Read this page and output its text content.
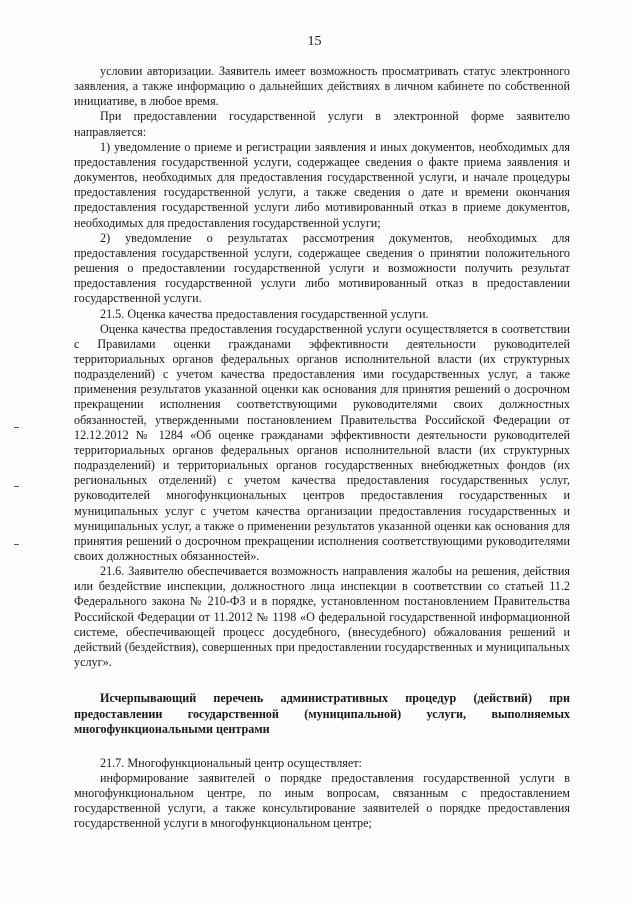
15

условии авторизации. Заявитель имеет возможность просматривать статус электронного заявления, а также информацию о дальнейших действиях в личном кабинете по собственной инициативе, в любое время.

При предоставлении государственной услуги в электронной форме заявителю направляется:

1) уведомление о приеме и регистрации заявления и иных документов, необходимых для предоставления государственной услуги, содержащее сведения о факте приема заявления и документов, необходимых для предоставления государственной услуги, и начале процедуры предоставления государственной услуги, а также сведения о дате и времени окончания предоставления государственной услуги либо мотивированный отказ в приеме документов, необходимых для предоставления государственной услуги;

2) уведомление о результатах рассмотрения документов, необходимых для предоставления государственной услуги, содержащее сведения о принятии положительного решения о предоставлении государственной услуги и возможности получить результат предоставления государственной услуги либо мотивированный отказ в предоставлении государственной услуги.

21.5. Оценка качества предоставления государственной услуги.

Оценка качества предоставления государственной услуги осуществляется в соответствии с Правилами оценки гражданами эффективности деятельности руководителей территориальных органов федеральных органов исполнительной власти (их структурных подразделений) с учетом качества предоставления ими государственных услуг, а также применения результатов указанной оценки как основания для принятия решений о досрочном прекращении исполнения соответствующими руководителями своих должностных обязанностей, утвержденными постановлением Правительства Российской Федерации от 12.12.2012 № 1284 «Об оценке гражданами эффективности деятельности руководителей территориальных органов федеральных органов исполнительной власти (их структурных подразделений) и территориальных органов государственных внебюджетных фондов (их региональных отделений) с учетом качества предоставления государственных услуг, руководителей многофункциональных центров предоставления государственных и муниципальных услуг с учетом качества организации предоставления государственных и муниципальных услуг, а также о применении результатов указанной оценки как основания для принятия решений о досрочном прекращении исполнения соответствующими руководителями своих должностных обязанностей».

21.6. Заявителю обеспечивается возможность направления жалобы на решения, действия или бездействие инспекции, должностного лица инспекции в соответствии со статьей 11.2 Федерального закона № 210-ФЗ и в порядке, установленном постановлением Правительства Российской Федерации от 11.2012 № 1198 «О федеральной государственной информационной системе, обеспечивающей процесс досудебного, (внесудебного) обжалования решений и действий (бездействия), совершенных при предоставлении государственных и муниципальных услуг».

Исчерпывающий перечень административных процедур (действий) при предоставлении государственной (муниципальной) услуги, выполняемых многофункциональными центрами

21.7. Многофункциональный центр осуществляет:

информирование заявителей о порядке предоставления государственной услуги в многофункциональном центре, по иным вопросам, связанным с предоставлением государственной услуги, а также консультирование заявителей о порядке предоставления государственной услуги в многофункциональном центре;
